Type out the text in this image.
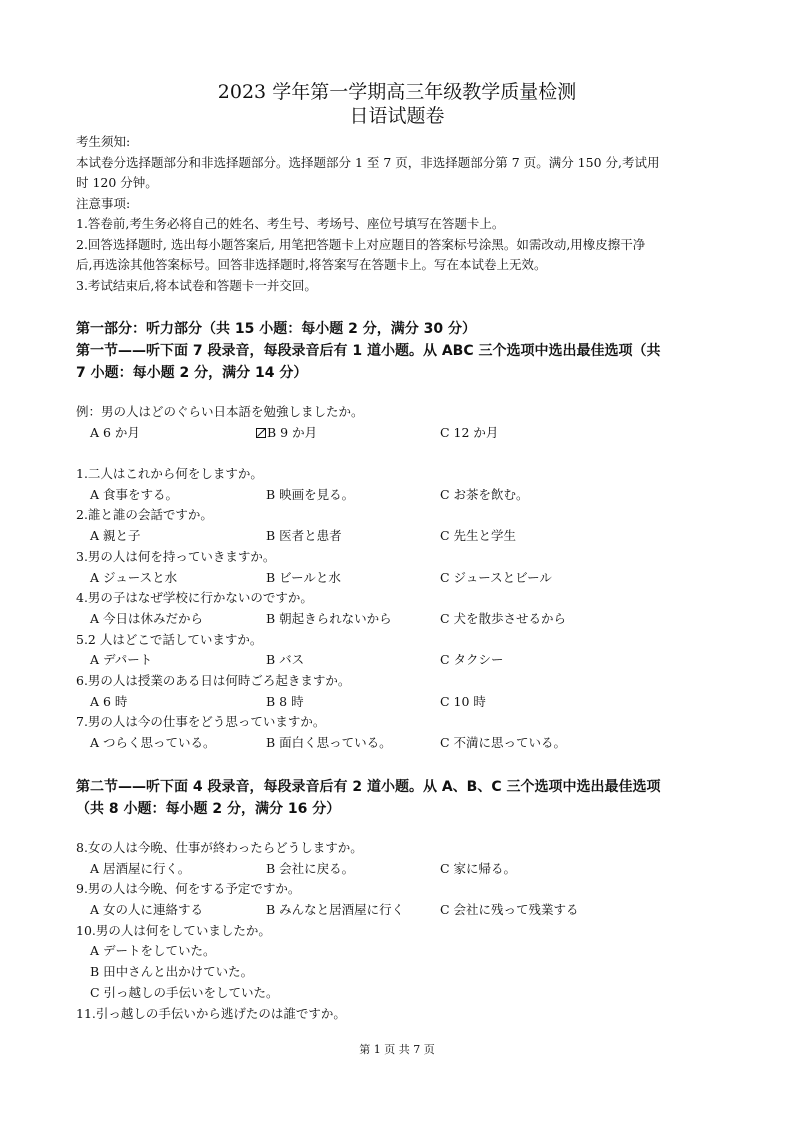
2023 学年第一学期高三年级教学质量检测
日语试题卷
考生须知:
本试卷分选择题部分和非选择题部分。选择题部分 1 至 7 页，非选择题部分第 7 页。满分 150 分,考试用
时 120 分钟。
注意事项:
1.答卷前,考生务必将自己的姓名、考生号、考场号、座位号填写在答题卡上。
2.回答选择题时, 选出每小题答案后, 用笔把答题卡上对应题目的答案标号涂黑。如需改动,用橡皮擦干净
后,再选涂其他答案标号。回答非选择题时,将答案写在答题卡上。写在本试卷上无效。
3.考试结束后,将本试卷和答题卡一并交回。
第一部分：听力部分（共 15 小题：每小题 2 分，满分 30 分）
第一节——听下面 7 段录音，每段录音后有 1 道小题。从 ABC 三个选项中选出最佳选项（共
7 小题：每小题 2 分，满分 14 分）
例：男の人はどのぐらい日本語を勉強しましたか。
A 6 か月	B 9 か月	C 12 か月
1.二人はこれから何をしますか。
A 食事をする。	B 映画を見る。	C お茶を飲む。
2.誰と誰の会話ですか。
A 親と子	B 医者と患者	C 先生と学生
3.男の人は何を持っていきますか。
A ジュースと水	B ビールと水	C ジュースとビール
4.男の子はなぜ学校に行かないのですか。
A 今日は休みだから	B 朝起きられないから	C 犬を散歩させるから
5.2 人はどこで話していますか。
A デパート	B バス	C タクシー
6.男の人は授業のある日は何時ごろ起きますか。
A 6 時	B 8 時	C 10 時
7.男の人は今の仕事をどう思っていますか。
A つらく思っている。	B 面白く思っている。	C 不満に思っている。
第二节——听下面 4 段录音，每段录音后有 2 道小题。从 A、B、C 三个选项中选出最佳选项
（共 8 小题：每小题 2 分，满分 16 分）
8.女の人は今晩、仕事が終わったらどうしますか。
A 居酒屋に行く。	B 会社に戻る。	C 家に帰る。
9.男の人は今晩、何をする予定ですか。
A 女の人に連絡する	B みんなと居酒屋に行く	C 会社に残って残業する
10.男の人は何をしていましたか。
A デートをしていた。
B 田中さんと出かけていた。
C 引っ越しの手伝いをしていた。
11.引っ越しの手伝いから逃げたのは誰ですか。
第 1 页 共 7 页
